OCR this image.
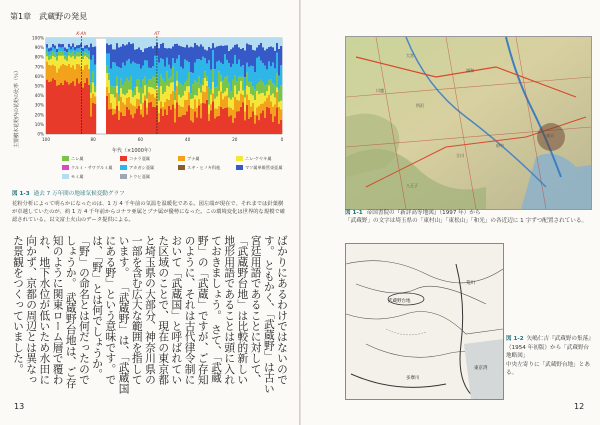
第1章　武蔵野の発見
主要樹木花粉内の花粉の比率（％）
100%
90%
80%
70%
60%
50%
40%
30%
20%
10%
0%
K-Ah	AT
100	80	60	40	20	0
年代（×1000年）
ニレ属	コナラ亜属	ブナ属	ニレ-ケヤキ属
クルミ・サワグルミ属	アカガシ亜属	スギ・ヒノキ科他	マツ属単維管束亜属
モミ属	トウヒ亜属
図 1-3 過去 7 万年間の地球気候変動グラフ
花粉分析によって明らかになったのは、1 万 4 千年前の気温を温暖化である。図左端が現在で、それまでは針葉樹が卓越していたのが、約 1 万 4 千年前からコナラ亜属とブナ属が優勢になった。この環境変化は世界的な規模で確認されている。以文富士火山のデータ提供による。
ばかりにあるわけではないのです。 ともかく、「武蔵野」は古い宮廷用語であることに対して、「武蔵野台地」は比較的新しい地形用語であることは頭に入れておきましょう。 さて、「武蔵野」の「武蔵」ですが、ご存知のように、それは古代律令制において「武蔵国」と呼ばれていた区域のことで、現在の東京都と埼玉県の大部分、神奈川県の一部を含む広大な範囲を指しています。 「武蔵野」は、「武蔵国にある野」という意味です。では、「野」とは何でしょうか。 「野」の命名とは何だったのでしょうか。 武蔵野台地は、ご存知のように関東ローム層で覆われ、地下水位が低いため水田に向かず、京都の周辺とは異なった景観をつくっていました。
13	12
大宮
浦和
川越
所沢
八王子
立川
府中
図 1-1 帝国書院の『新詳高等地図』（1997 年）から
「武蔵野」の文字は埼玉県の「東村山」「東松山」「和光」の各近辺に 1 字ずつ配置されている。
武蔵野台地
多摩川
荒川
東京湾
図 1-2 矢嶋仁吉『武蔵野の集落』（1954 年初版）から「武蔵野台地略図」
中央左寄りに「武蔵野台地」とある。
